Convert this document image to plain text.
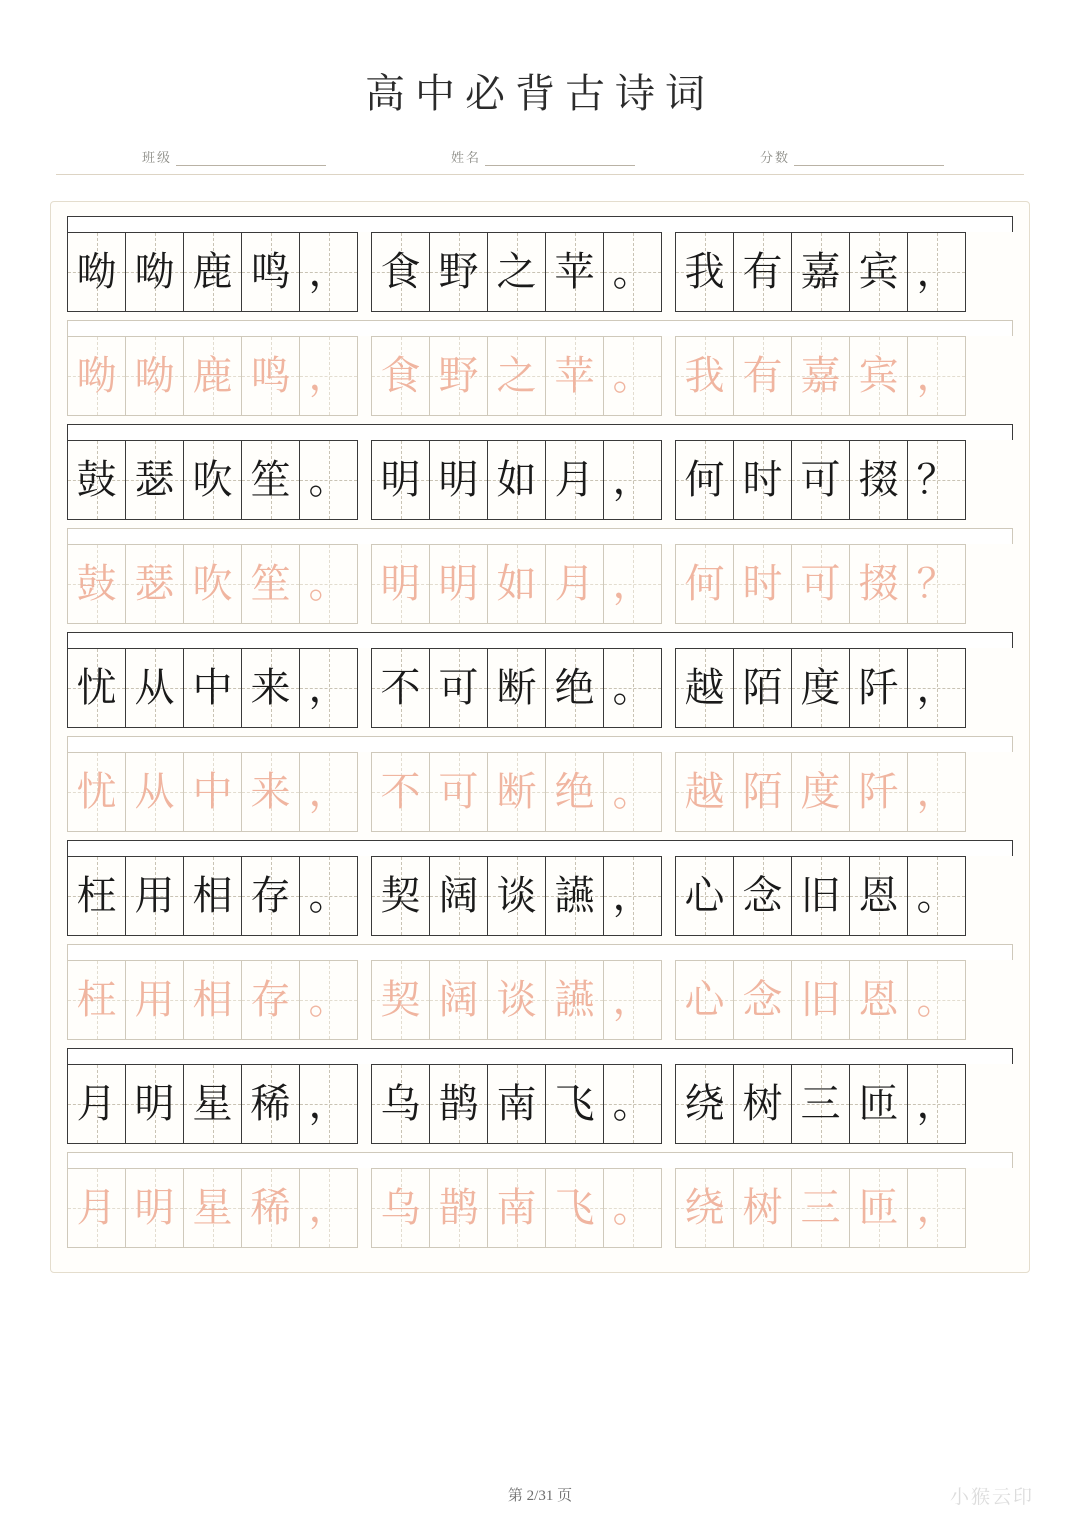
高中必背古诗词
班级	姓名	分数
呦 呦 鹿 鸣 ， 食 野 之 苹 。 我 有 嘉 宾 ，
呦 呦 鹿 鸣 ， 食 野 之 苹 。 我 有 嘉 宾 ，
鼓 瑟 吹 笙 。 明 明 如 月 ， 何 时 可 掇 ？
鼓 瑟 吹 笙 。 明 明 如 月 ， 何 时 可 掇 ？
忧 从 中 来 ， 不 可 断 绝 。 越 陌 度 阡 ，
忧 从 中 来 ， 不 可 断 绝 。 越 陌 度 阡 ，
枉 用 相 存 。 契 阔 谈 讌 ， 心 念 旧 恩 。
枉 用 相 存 。 契 阔 谈 讌 ， 心 念 旧 恩 。
月 明 星 稀 ， 乌 鹊 南 飞 。 绕 树 三 匝 ，
月 明 星 稀 ， 乌 鹊 南 飞 。 绕 树 三 匝 ，
第 2/31 页	小猴云印
